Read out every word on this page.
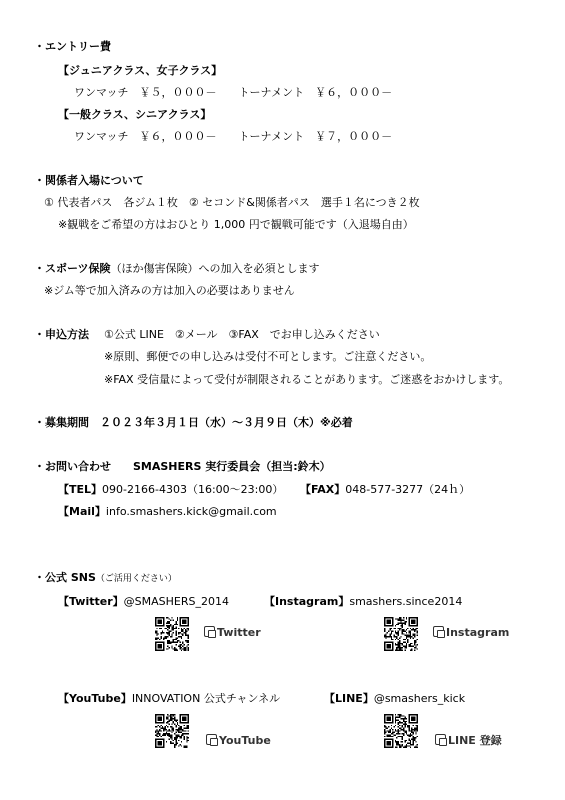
・エントリー費
【ジュニアクラス、女子クラス】
ワンマッチ　￥５，０００－　　トーナメント　￥６，０００－
【一般クラス、シニアクラス】
ワンマッチ　￥６，０００－　　トーナメント　￥７，０００－
・関係者入場について
① 代表者パス　各ジム１枚　② セコンド&関係者パス　選手１名につき２枚
※観戦をご希望の方はおひとり 1,000 円で観戦可能です（入退場自由）
・スポーツ保険（ほか傷害保険）への加入を必須とします
※ジム等で加入済みの方は加入の必要はありません
・申込方法 ①公式 LINE　②メール　③FAX　でお申し込みください
※原則、郵便での申し込みは受付不可とします。ご注意ください。
※FAX 受信量によって受付が制限されることがあります。ご迷惑をおかけします。
・募集期間　２０２３年３月１日（水）～３月９日（木）※必着
・お問い合わせ　　SMASHERS 実行委員会（担当:鈴木）
【TEL】090-2166-4303（16:00～23:00） 【FAX】048-577-3277（24ｈ）
【Mail】info.smashers.kick@gmail.com
・公式 SNS（ご活用ください）
【Twitter】@SMASHERS_2014	【Instagram】smashers.since2014
Twitter	Instagram
【YouTube】INNOVATION 公式チャンネル	【LINE】@smashers_kick
YouTube	LINE 登録
